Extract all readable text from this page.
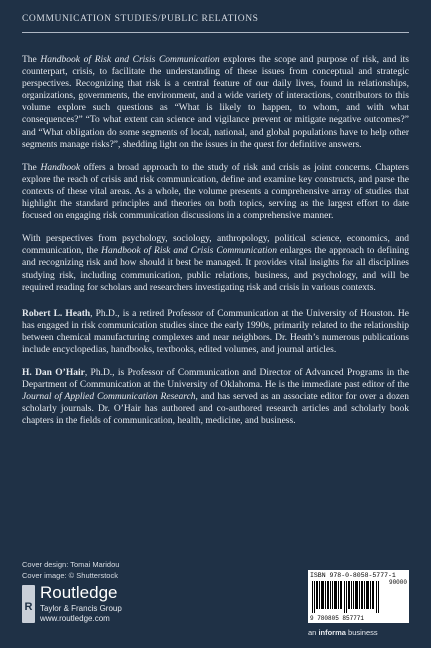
COMMUNICATION STUDIES/PUBLIC RELATIONS

The Handbook of Risk and Crisis Communication explores the scope and purpose of risk, and its counterpart, crisis, to facilitate the understanding of these issues from conceptual and strategic perspectives. Recognizing that risk is a central feature of our daily lives, found in relationships, organizations, governments, the environment, and a wide variety of interactions, contributors to this volume explore such questions as “What is likely to happen, to whom, and with what consequences?” “To what extent can science and vigilance prevent or mitigate negative outcomes?” and “What obligation do some segments of local, national, and global populations have to help other segments manage risks?”, shedding light on the issues in the quest for definitive answers.

The Handbook offers a broad approach to the study of risk and crisis as joint concerns. Chapters explore the reach of crisis and risk communication, define and examine key constructs, and parse the contexts of these vital areas. As a whole, the volume presents a comprehensive array of studies that highlight the standard principles and theories on both topics, serving as the largest effort to date focused on engaging risk communication discussions in a comprehensive manner.

With perspectives from psychology, sociology, anthropology, political science, economics, and communication, the Handbook of Risk and Crisis Communication enlarges the approach to defining and recognizing risk and how should it best be managed. It provides vital insights for all disciplines studying risk, including communication, public relations, business, and psychology, and will be required reading for scholars and researchers investigating risk and crisis in various contexts.

Robert L. Heath, Ph.D., is a retired Professor of Communication at the University of Houston. He has engaged in risk communication studies since the early 1990s, primarily related to the relationship between chemical manufacturing complexes and near neighbors. Dr. Heath’s numerous publications include encyclopedias, handbooks, textbooks, edited volumes, and journal articles.

H. Dan O’Hair, Ph.D., is Professor of Communication and Director of Advanced Programs in the Department of Communication at the University of Oklahoma. He is the immediate past editor of the Journal of Applied Communication Research, and has served as an associate editor for over a dozen scholarly journals. Dr. O’Hair has authored and co-authored research articles and scholarly book chapters in the fields of communication, health, medicine, and business.

Cover design: Tomai Maridou
Cover image: © Shutterstock
R
Routledge
Taylor & Francis Group
www.routledge.com
ISBN 978-0-8058-5777-1
90000
9 780805 857771
an informa business
